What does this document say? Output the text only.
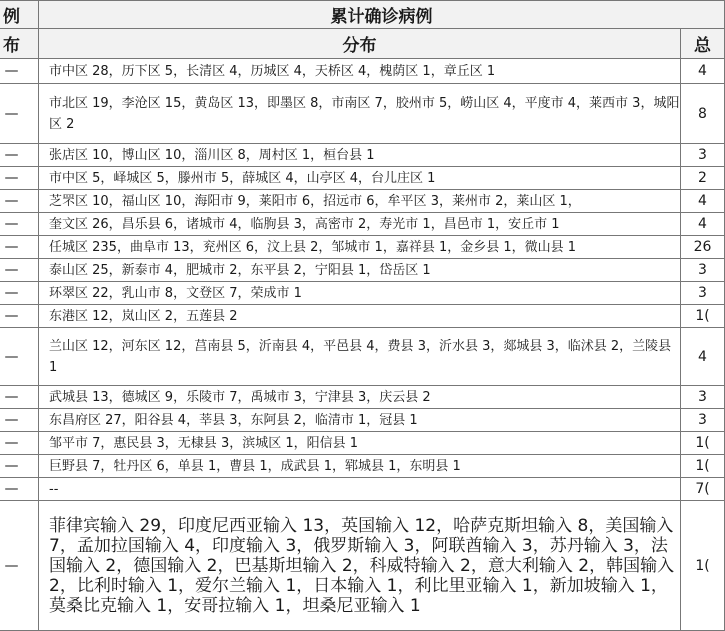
例	累计确诊病例	
布	分布	总
—	市中区 28，历下区 5，长清区 4，历城区 4，天桥区 4，槐荫区 1，章丘区 1	4
—	市北区 19，李沧区 15，黄岛区 13，即墨区 8，市南区 7，胶州市 5，崂山区 4，平度市 4，莱西市 3，城阳区 2	8
—	张店区 10，博山区 10，淄川区 8，周村区 1，桓台县 1	3
—	市中区 5，峄城区 5，滕州市 5，薛城区 4，山亭区 4，台儿庄区 1	2
—	芝罘区 10，福山区 10，海阳市 9，莱阳市 6，招远市 6，牟平区 3，莱州市 2，莱山区 1，	4
—	奎文区 26，昌乐县 6，诸城市 4，临朐县 3，高密市 2，寿光市 1，昌邑市 1，安丘市 1	4
—	任城区 235，曲阜市 13，兖州区 6，汶上县 2，邹城市 1，嘉祥县 1，金乡县 1，微山县 1	26
—	泰山区 25，新泰市 4，肥城市 2，东平县 2，宁阳县 1，岱岳区 1	3
—	环翠区 22，乳山市 8，文登区 7，荣成市 1	3
—	东港区 12，岚山区 2，五莲县 2	1(
—	兰山区 12，河东区 12，莒南县 5，沂南县 4，平邑县 4，费县 3，沂水县 3，郯城县 3，临沭县 2，兰陵县 1	4
—	武城县 13，德城区 9，乐陵市 7，禹城市 3，宁津县 3，庆云县 2	3
—	东昌府区 27，阳谷县 4，莘县 3，东阿县 2，临清市 1，冠县 1	3
—	邹平市 7，惠民县 3，无棣县 3，滨城区 1，阳信县 1	1(
—	巨野县 7，牡丹区 6，单县 1，曹县 1，成武县 1，郓城县 1，东明县 1	1(
—	--	7(
—	菲律宾输入 29，印度尼西亚输入 13，英国输入 12，哈萨克斯坦输入 8，美国输入 7，孟加拉国输入 4，印度输入 3，俄罗斯输入 3，阿联酋输入 3，苏丹输入 3，法国输入 2，德国输入 2，巴基斯坦输入 2，科威特输入 2，意大利输入 2，韩国输入 2，比利时输入 1，爱尔兰输入 1，日本输入 1，利比里亚输入 1，新加坡输入 1，莫桑比克输入 1，安哥拉输入 1，坦桑尼亚输入 1	1(
